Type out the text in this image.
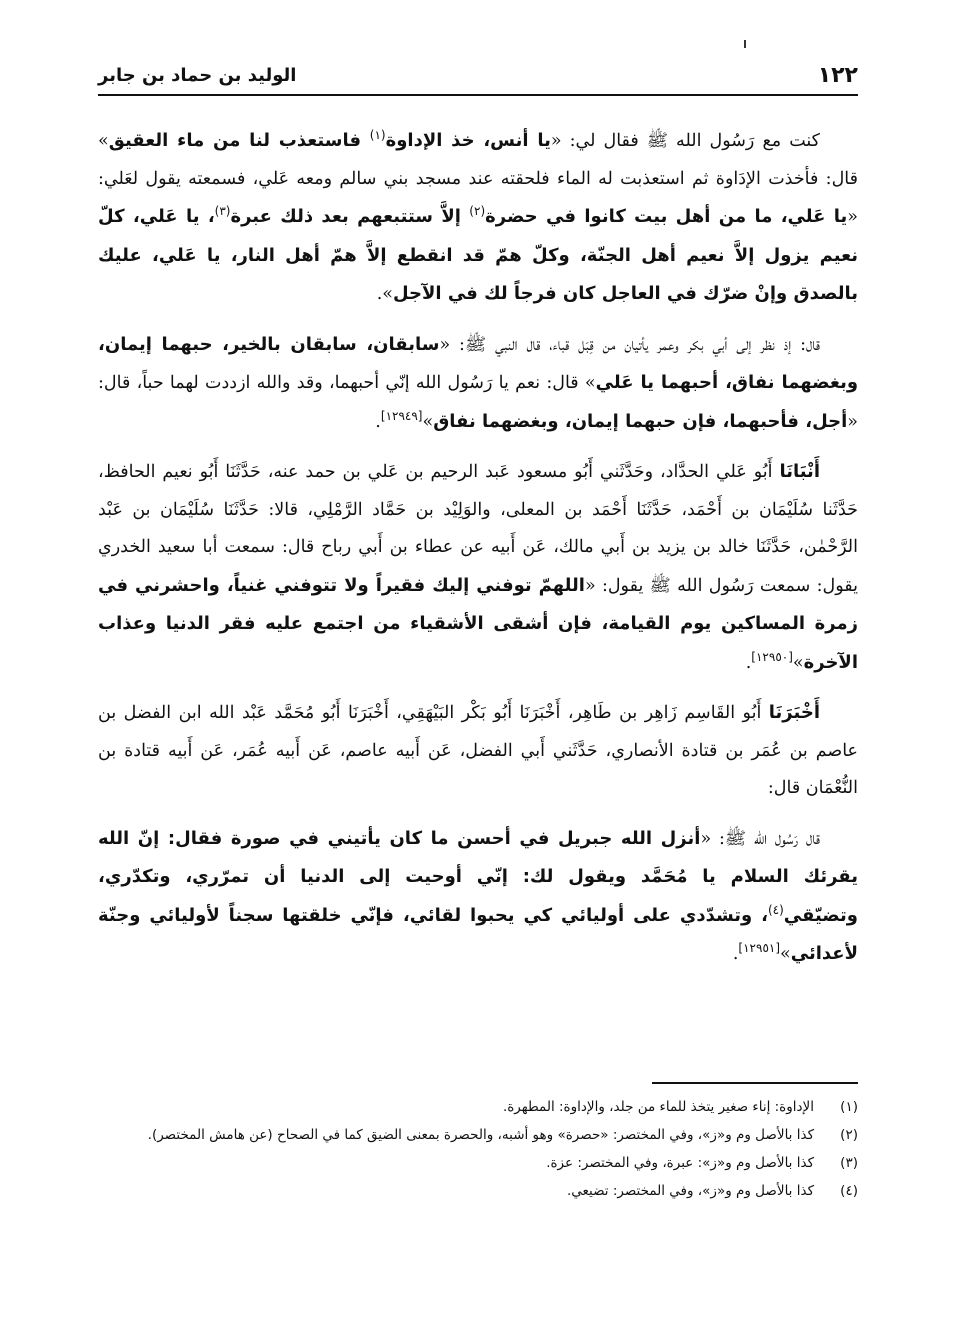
١٢٢
الوليد بن حماد بن جابر

كنت مع رَسُول الله ﷺ فقال لي: «يا أنس، خذ الإداوة$^{(١)}$ فاستعذب لنا من ماء العقيق» قال: فأخذت الإدَاوة ثم استعذبت له الماء فلحقته عند مسجد بني سالم ومعه عَلي، فسمعته يقول لعَلي: «يا عَلي، ما من أهل بيت كانوا في حضرة$^{(٢)}$ إلاَّ ستتبعهم بعد ذلك عبرة$^{(٣)}$، يا عَلي، كلّ نعيم يزول إلاَّ نعيم أهل الجنّة، وكلّ همّ قد انقطع إلاَّ همّ أهل النار، يا عَلي، عليك بالصدق وإنْ ضرّك في العاجل كان فرجاً لك في الآجل».

قال: إذ نظر إلى أبي بكر وعمر يأتيان من قِبَل قباء، قال النبي ﷺ: «سابقان، سابقان بالخير، حبهما إيمان، وبغضهما نفاق، أحبهما يا عَلي» قال: نعم يا رَسُول الله إنّي أحبهما، وقد والله ازددت لهما حباً، قال: «أجل، فأحبهما، فإن حبهما إيمان، وبغضهما نفاق»[١٢٩٤٩].

أَنْبَانَا أَبُو عَلي الحدَّاد، وحَدَّثَني أَبُو مسعود عَبد الرحيم بن عَلي بن حمد عنه، حَدَّثَنَا أَبُو نعيم الحافظ، حَدَّثَنا سُلَيْمَان بن أَحْمَد، حَدَّثَنَا أَحْمَد بن المعلى، والوَلِيْد بن حَمَّاد الرَّمْلِي، قالا: حَدَّثَنَا سُلَيْمَان بن عَبْد الرَّحْمٰن، حَدَّثَنَا خالد بن يزيد بن أَبي مالك، عَن أَبيه عن عطاء بن أَبي رباح قال: سمعت أبا سعيد الخدري يقول: سمعت رَسُول الله ﷺ يقول: «اللهمّ توفني إليك فقيراً ولا تتوفني غنياً، واحشرني في زمرة المساكين يوم القيامة، فإن أشقى الأشقياء من اجتمع عليه فقر الدنيا وعذاب الآخرة»[١٢٩٥٠].

أَخْبَرَنَا أَبُو القَاسِم زَاهِر بن طَاهِر، أَخْبَرَنَا أَبُو بَكْر البَيْهَقِي، أَخْبَرَنَا أَبُو مُحَمَّد عَبْد الله ابن الفضل بن عاصم بن عُمَر بن قتادة الأنصاري، حَدَّثَني أَبي الفضل، عَن أَبيه عاصم، عَن أَبيه عُمَر، عَن أَبيه قتادة بن النُّعْمَان قال:

قال رَسُول الله ﷺ: «أنزل الله جبريل في أحسن ما كان يأتيني في صورة فقال: إنّ الله يقرئك السلام يا مُحَمَّد ويقول لك: إنّي أوحيت إلى الدنيا أن تمرّري، وتكدّري، وتضيّقي$^{(٤)}$، وتشدّدي على أوليائي كي يحبوا لقائي، فإنّي خلقتها سجناً لأوليائي وجنّة لأعدائي»[١٢٩٥١].

(١)
الإداوة: إناء صغير يتخذ للماء من جلد، والإداوة: المطهرة.
(٢)
كذا بالأصل وم و«ز»، وفي المختصر: «حصرة» وهو أشبه، والحصرة بمعنى الضيق كما في الصحاح (عن هامش المختصر).
(٣)
كذا بالأصل وم و«ز»: عبرة، وفي المختصر: عزة.
(٤)
كذا بالأصل وم و«ز»، وفي المختصر: تضيعي.
